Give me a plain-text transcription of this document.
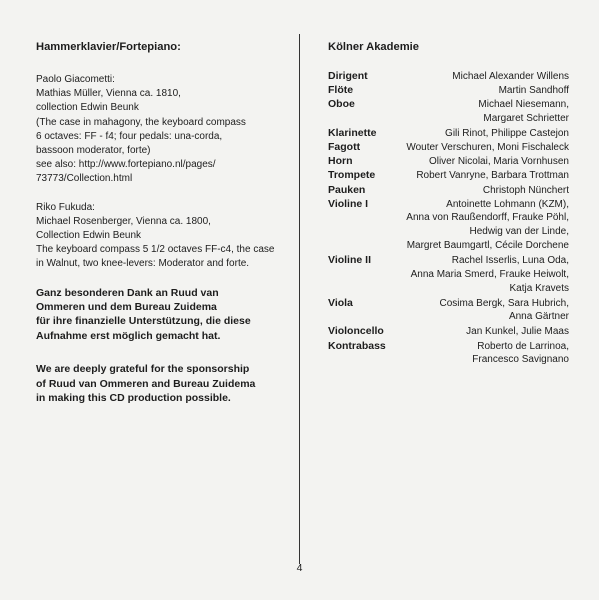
Hammerklavier/Fortepiano:

Paolo Giacometti:

Mathias Müller, Vienna ca. 1810,

collection Edwin Beunk

(The case in mahagony, the keyboard compass

6 octaves: FF - f4; four pedals: una-corda,

bassoon moderator, forte)

see also: http://www.fortepiano.nl/pages/

73773/Collection.html

Riko Fukuda:

Michael Rosenberger, Vienna ca. 1800,

Collection Edwin Beunk

The keyboard compass 5 1/2 octaves FF-c4, the case

in Walnut, two knee-levers: Moderator and forte.

Ganz besonderen Dank an Ruud van

Ommeren und dem Bureau Zuidema

für ihre finanzielle Unterstützung, die diese

Aufnahme erst möglich gemacht hat.

We are deeply grateful for the sponsorship

of Ruud van Ommeren and Bureau Zuidema

in making this CD production possible.

Kölner Akademie

Dirigent	Michael Alexander Willens
Flöte	Martin Sandhoff
Oboe	Michael Niesemann,
Margaret Schrietter
Klarinette	Gili Rinot, Philippe Castejon
Fagott	Wouter Verschuren, Moni Fischaleck
Horn	Oliver Nicolai, Maria Vornhusen
Trompete	Robert Vanryne, Barbara Trottman
Pauken	Christoph Nünchert
Violine I	Antoinette Lohmann (KZM),
Anna von Raußendorff, Frauke Pöhl,
Hedwig van der Linde,
Margret Baumgartl, Cécile Dorchene
Violine II	Rachel Isserlis, Luna Oda,
Anna Maria Smerd, Frauke Heiwolt,
Katja Kravets
Viola	Cosima Bergk, Sara Hubrich,
Anna Gärtner
Violoncello	Jan Kunkel, Julie Maas
Kontrabass	Roberto de Larrinoa,
Francesco Savignano
4
